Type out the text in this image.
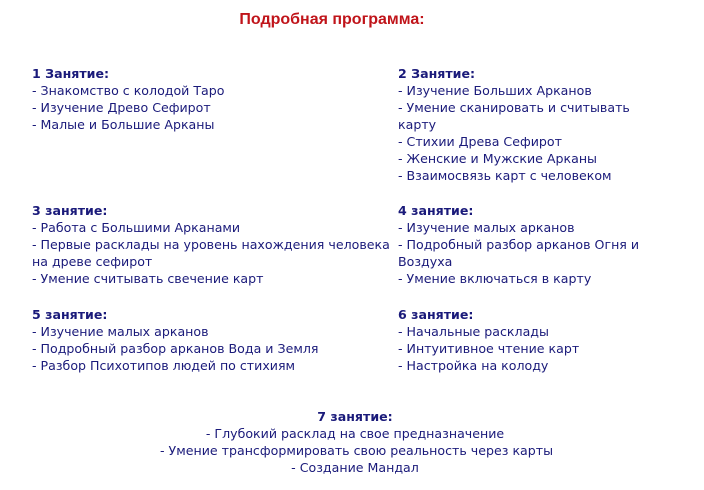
Подробная программа:
1 Занятие:
- Знакомство с колодой Таро
- Изучение Древо Сефирот
- Малые и Большие Арканы
2 Занятие:
- Изучение Больших Арканов
- Умение сканировать и считывать карту
- Стихии Древа Сефирот
- Женские и Мужские Арканы
- Взаимосвязь карт с человеком
3 занятие:
- Работа с Большими Арканами
- Первые расклады на уровень нахождения человека на древе сефирот
- Умение считывать свечение карт
4 занятие:
- Изучение малых арканов
- Подробный разбор арканов Огня и Воздуха
- Умение включаться в карту
5 занятие:
- Изучение малых арканов
- Подробный разбор арканов Вода и Земля
- Разбор Психотипов людей по стихиям
6 занятие:
- Начальные расклады
- Интуитивное чтение карт
- Настройка на колоду
7 занятие:
- Глубокий расклад на свое предназначение
- Умение трансформировать свою реальность через карты
- Создание Мандал
